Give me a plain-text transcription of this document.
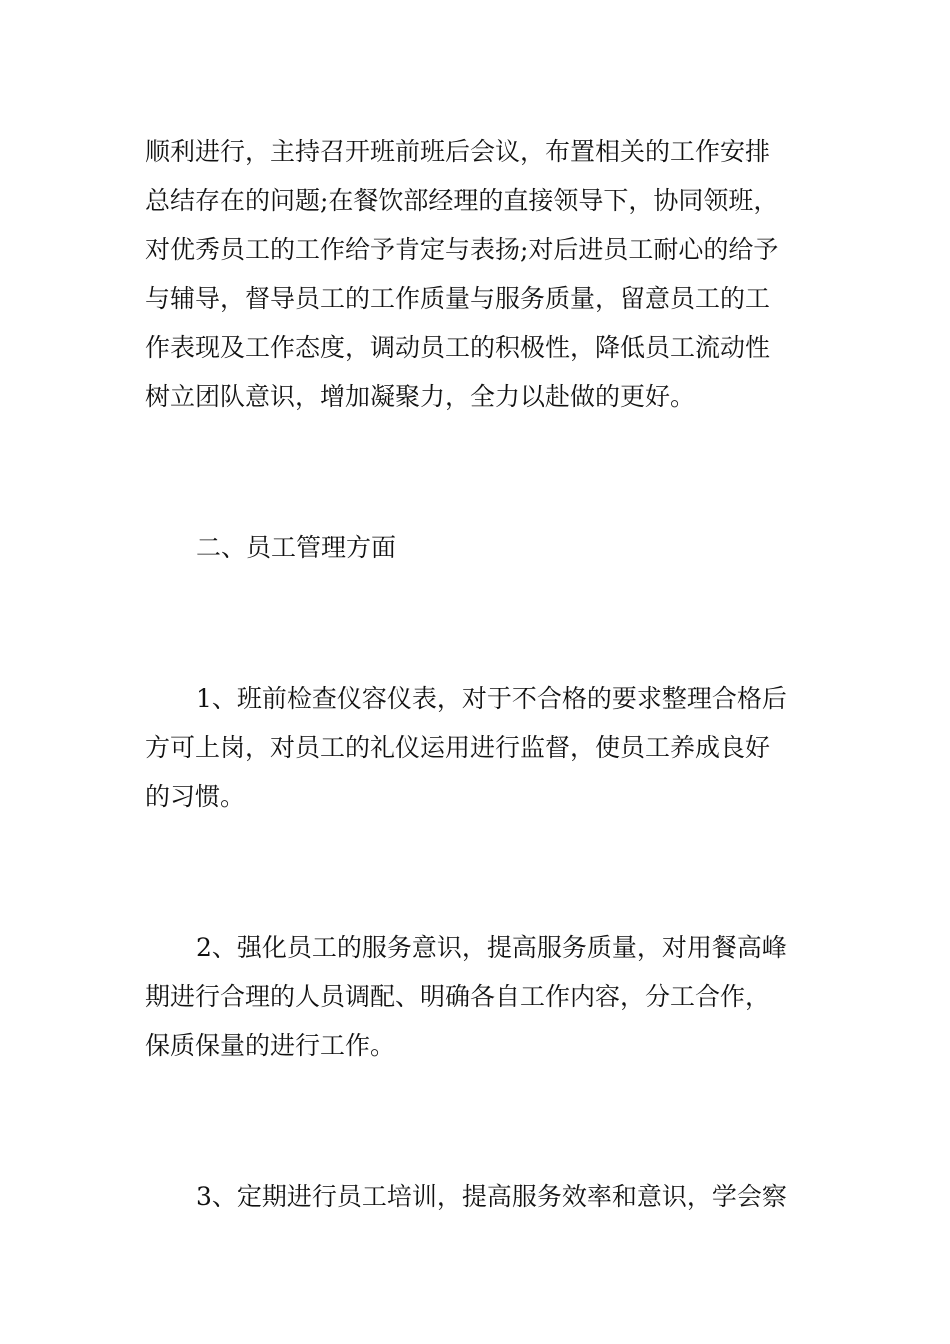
顺利进行，主持召开班前班后会议，布置相关的工作安排
总结存在的问题;在餐饮部经理的直接领导下，协同领班，
对优秀员工的工作给予肯定与表扬;对后进员工耐心的给予
与辅导，督导员工的工作质量与服务质量，留意员工的工
作表现及工作态度，调动员工的积极性，降低员工流动性
树立团队意识，增加凝聚力，全力以赴做的更好。
二、员工管理方面
1、班前检查仪容仪表，对于不合格的要求整理合格后
方可上岗，对员工的礼仪运用进行监督，使员工养成良好
的习惯。
2、强化员工的服务意识，提高服务质量，对用餐高峰
期进行合理的人员调配、明确各自工作内容，分工合作，
保质保量的进行工作。
3、定期进行员工培训，提高服务效率和意识，学会察
